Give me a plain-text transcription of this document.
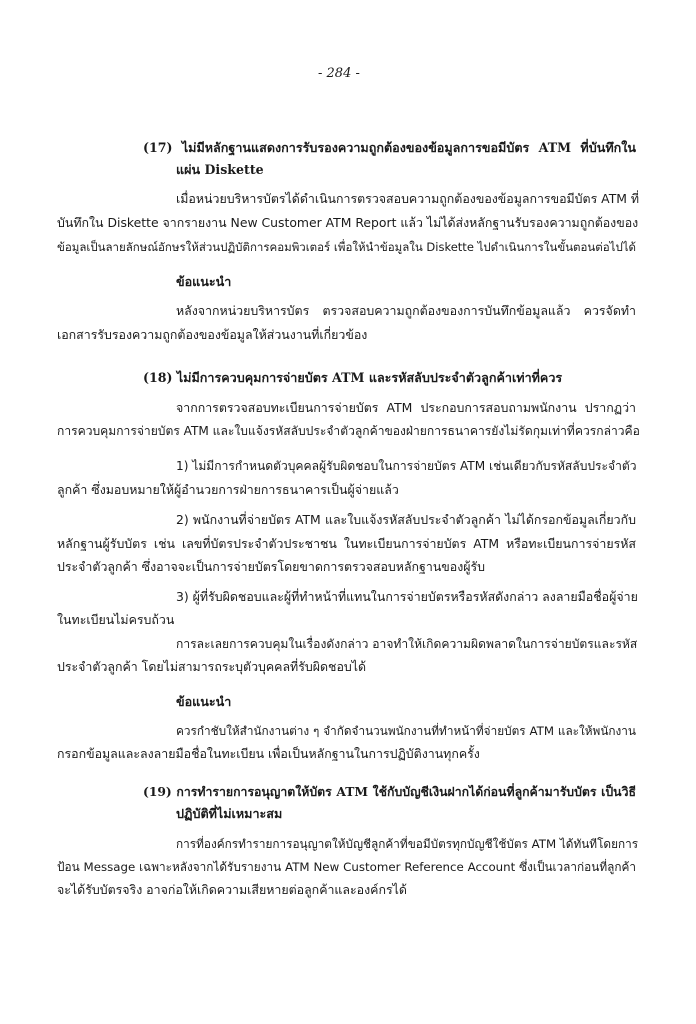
- 284 -
(17) ไม่มีหลักฐานแสดงการรับรองความถูกต้องของข้อมูลการขอมีบัตร ATM ที่บันทึกใน
แผ่น Diskette
เมื่อหน่วยบริหารบัตรได้ดำเนินการตรวจสอบความถูกต้องของข้อมูลการขอมีบัตร ATM ที่
บันทึกใน Diskette จากรายงาน New Customer ATM Report แล้ว ไม่ได้ส่งหลักฐานรับรองความถูกต้องของ
ข้อมูลเป็นลายลักษณ์อักษรให้ส่วนปฏิบัติการคอมพิวเตอร์ เพื่อให้นำข้อมูลใน Diskette ไปดำเนินการในขั้นตอนต่อไปได้
ข้อแนะนำ
หลังจากหน่วยบริหารบัตร ตรวจสอบความถูกต้องของการบันทึกข้อมูลแล้ว ควรจัดทำ
เอกสารรับรองความถูกต้องของข้อมูลให้ส่วนงานที่เกี่ยวข้อง
(18) ไม่มีการควบคุมการจ่ายบัตร ATM และรหัสลับประจำตัวลูกค้าเท่าที่ควร
จากการตรวจสอบทะเบียนการจ่ายบัตร ATM ประกอบการสอบถามพนักงาน ปรากฏว่า
การควบคุมการจ่ายบัตร ATM และใบแจ้งรหัสลับประจำตัวลูกค้าของฝ่ายการธนาคารยังไม่รัดกุมเท่าที่ควรกล่าวคือ
1) ไม่มีการกำหนดตัวบุคคลผู้รับผิดชอบในการจ่ายบัตร ATM เช่นเดียวกับรหัสลับประจำตัว
ลูกค้า ซึ่งมอบหมายให้ผู้อำนวยการฝ่ายการธนาคารเป็นผู้จ่ายแล้ว
2) พนักงานที่จ่ายบัตร ATM และใบแจ้งรหัสลับประจำตัวลูกค้า ไม่ได้กรอกข้อมูลเกี่ยวกับ
หลักฐานผู้รับบัตร เช่น เลขที่บัตรประจำตัวประชาชน ในทะเบียนการจ่ายบัตร ATM หรือทะเบียนการจ่ายรหัส
ประจำตัวลูกค้า ซึ่งอาจจะเป็นการจ่ายบัตรโดยขาดการตรวจสอบหลักฐานของผู้รับ
3) ผู้ที่รับผิดชอบและผู้ที่ทำหน้าที่แทนในการจ่ายบัตรหรือรหัสดังกล่าว ลงลายมือชื่อผู้จ่าย
ในทะเบียนไม่ครบถ้วน
การละเลยการควบคุมในเรื่องดังกล่าว อาจทำให้เกิดความผิดพลาดในการจ่ายบัตรและรหัส
ประจำตัวลูกค้า โดยไม่สามารถระบุตัวบุคคลที่รับผิดชอบได้
ข้อแนะนำ
ควรกำชับให้สำนักงานต่าง ๆ จำกัดจำนวนพนักงานที่ทำหน้าที่จ่ายบัตร ATM และให้พนักงาน
กรอกข้อมูลและลงลายมือชื่อในทะเบียน เพื่อเป็นหลักฐานในการปฏิบัติงานทุกครั้ง
(19) การทำรายการอนุญาตให้บัตร ATM ใช้กับบัญชีเงินฝากได้ก่อนที่ลูกค้ามารับบัตร เป็นวิธี
ปฏิบัติที่ไม่เหมาะสม
การที่องค์กรทำรายการอนุญาตให้บัญชีลูกค้าที่ขอมีบัตรทุกบัญชีใช้บัตร ATM ได้ทันทีโดยการ
ป้อน Message เฉพาะหลังจากได้รับรายงาน ATM New Customer Reference Account ซึ่งเป็นเวลาก่อนที่ลูกค้า
จะได้รับบัตรจริง อาจก่อให้เกิดความเสียหายต่อลูกค้าและองค์กรได้
